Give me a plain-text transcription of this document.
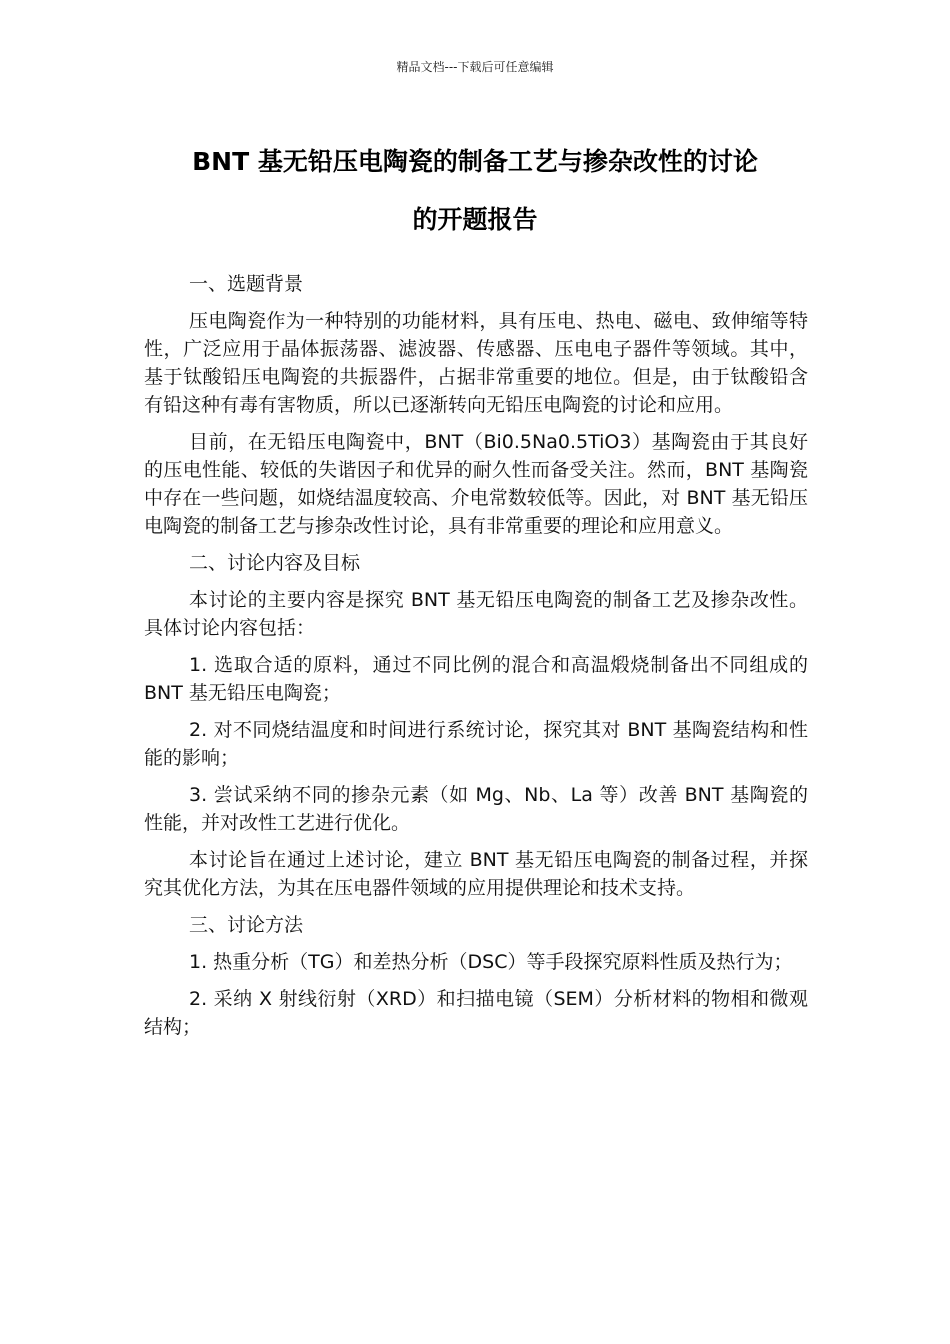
精品文档---下载后可任意编辑
BNT 基无铅压电陶瓷的制备工艺与掺杂改性的讨论
的开题报告

一、选题背景

压电陶瓷作为一种特别的功能材料，具有压电、热电、磁电、致伸缩等特性，广泛应用于晶体振荡器、滤波器、传感器、压电电子器件等领域。其中，基于钛酸铅压电陶瓷的共振器件，占据非常重要的地位。但是，由于钛酸铅含有铅这种有毒有害物质，所以已逐渐转向无铅压电陶瓷的讨论和应用。

目前，在无铅压电陶瓷中，BNT（Bi0.5Na0.5TiO3）基陶瓷由于其良好的压电性能、较低的失谐因子和优异的耐久性而备受关注。然而，BNT 基陶瓷中存在一些问题，如烧结温度较高、介电常数较低等。因此，对 BNT 基无铅压电陶瓷的制备工艺与掺杂改性讨论，具有非常重要的理论和应用意义。

二、讨论内容及目标

本讨论的主要内容是探究 BNT 基无铅压电陶瓷的制备工艺及掺杂改性。具体讨论内容包括：

1. 选取合适的原料，通过不同比例的混合和高温煅烧制备出不同组成的 BNT 基无铅压电陶瓷；

2. 对不同烧结温度和时间进行系统讨论，探究其对 BNT 基陶瓷结构和性能的影响；

3. 尝试采纳不同的掺杂元素（如 Mg、Nb、La 等）改善 BNT 基陶瓷的性能，并对改性工艺进行优化。

本讨论旨在通过上述讨论，建立 BNT 基无铅压电陶瓷的制备过程，并探究其优化方法，为其在压电器件领域的应用提供理论和技术支持。

三、讨论方法

1. 热重分析（TG）和差热分析（DSC）等手段探究原料性质及热行为；

2. 采纳 X 射线衍射（XRD）和扫描电镜（SEM）分析材料的物相和微观结构；
